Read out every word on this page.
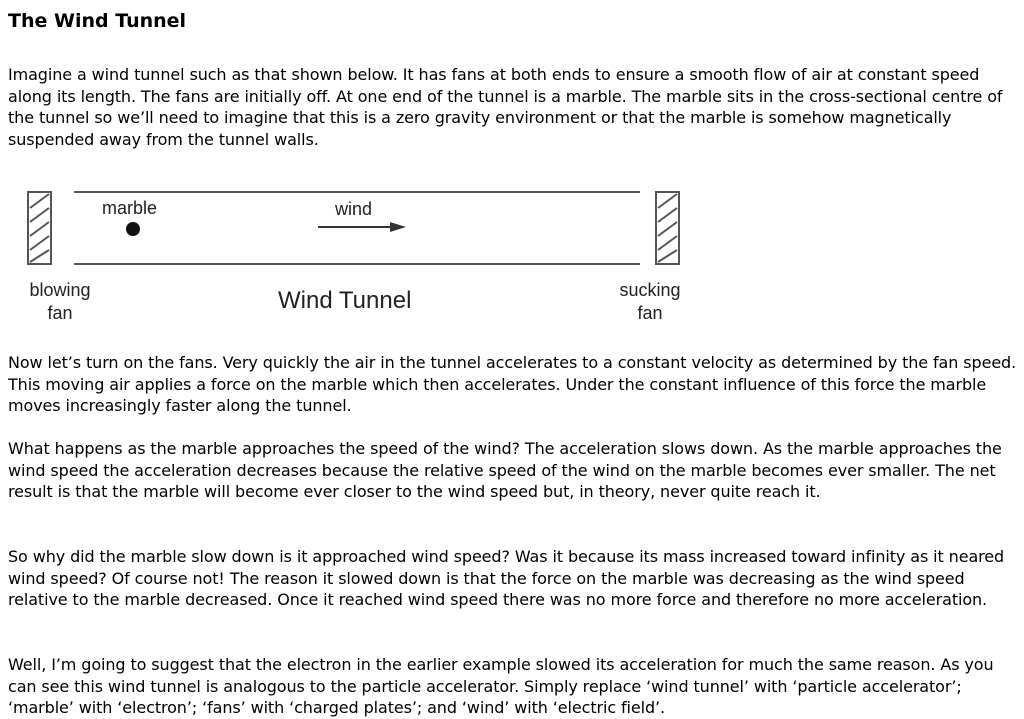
The Wind Tunnel

Imagine a wind tunnel such as that shown below. It has fans at both ends to ensure a smooth flow of air at constant speed along its length. The fans are initially off. At one end of the tunnel is a marble. The marble sits in the cross-sectional centre of the tunnel so we’ll need to imagine that this is a zero gravity environment or that the marble is somehow magnetically suspended away from the tunnel walls.

marble	wind
Wind Tunnel
blowing
fan
sucking
fan

Now let’s turn on the fans. Very quickly the air in the tunnel accelerates to a constant velocity as determined by the fan speed. This moving air applies a force on the marble which then accelerates. Under the constant influence of this force the marble moves increasingly faster along the tunnel.

What happens as the marble approaches the speed of the wind? The acceleration slows down. As the marble approaches the wind speed the acceleration decreases because the relative speed of the wind on the marble becomes ever smaller. The net result is that the marble will become ever closer to the wind speed but, in theory, never quite reach it.

So why did the marble slow down is it approached wind speed? Was it because its mass increased toward infinity as it neared wind speed? Of course not! The reason it slowed down is that the force on the marble was decreasing as the wind speed relative to the marble decreased. Once it reached wind speed there was no more force and therefore no more acceleration.

Well, I’m going to suggest that the electron in the earlier example slowed its acceleration for much the same reason. As you can see this wind tunnel is analogous to the particle accelerator. Simply replace ‘wind tunnel’ with ‘particle accelerator’; ‘marble’ with ‘electron’; ‘fans’ with ‘charged plates’; and ‘wind’ with ‘electric field’.
